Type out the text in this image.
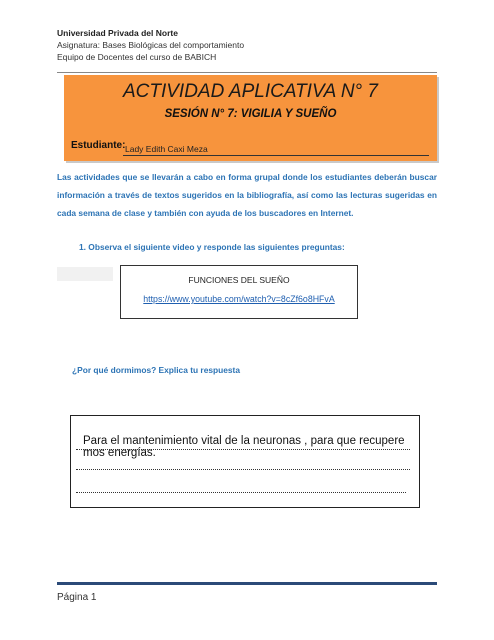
Universidad Privada del Norte
Asignatura: Bases Biológicas del comportamiento
Equipo de Docentes del curso de BABICH
ACTIVIDAD APLICATIVA N° 7
SESIÓN N° 7: VIGILIA Y SUEÑO
Estudiante: Lady Edith Caxi Meza
Las actividades que se llevarán a cabo en forma grupal donde los estudiantes deberán buscar información a través de textos sugeridos en la bibliografía, así como las lecturas sugeridas en cada semana de clase y también con ayuda de los buscadores en Internet.
1. Observa el siguiente video y responde las siguientes preguntas:
FUNCIONES DEL SUEÑO
https://www.youtube.com/watch?v=8cZf6o8HFvA
¿Por qué dormimos? Explica tu respuesta
Para el mantenimiento vital de la neuronas , para que recupere mos energías.
Página 1
